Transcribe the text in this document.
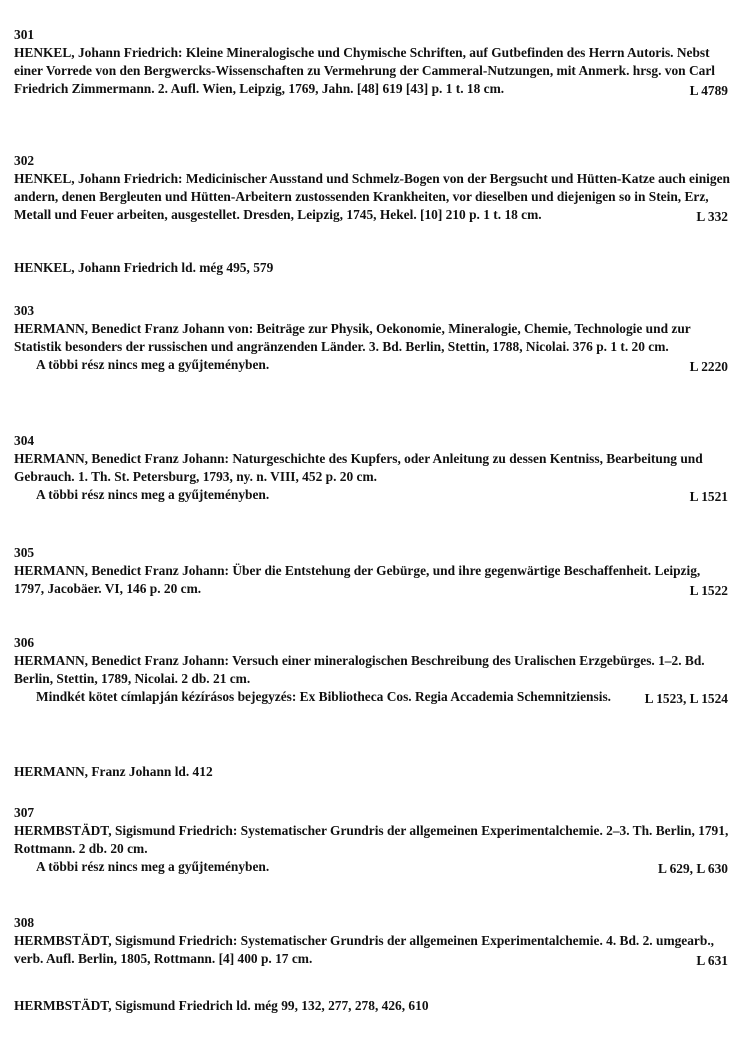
301
HENKEL, Johann Friedrich: Kleine Mineralogische und Chymische Schriften, auf Gutbefinden des Herrn Autoris. Nebst einer Vorrede von den Bergwercks-Wissenschaften zu Vermehrung der Cammeral-Nutzungen, mit Anmerk. hrsg. von Carl Friedrich Zimmermann. 2. Aufl. Wien, Leipzig, 1769, Jahn. [48] 619 [43] p. 1 t. 18 cm.	L 4789
302
HENKEL, Johann Friedrich: Medicinischer Ausstand und Schmelz-Bogen von der Bergsucht und Hütten-Katze auch einigen andern, denen Bergleuten und Hütten-Arbeitern zustossenden Krankheiten, vor dieselben und diejenigen so in Stein, Erz, Metall und Feuer arbeiten, ausgestellet. Dresden, Leipzig, 1745, Hekel. [10] 210 p. 1 t. 18 cm.	L 332
HENKEL, Johann Friedrich ld. még 495, 579
303
HERMANN, Benedict Franz Johann von: Beiträge zur Physik, Oekonomie, Mineralogie, Chemie, Technologie und zur Statistik besonders der russischen und angränzenden Länder. 3. Bd. Berlin, Stettin, 1788, Nicolai. 376 p. 1 t. 20 cm.
A többi rész nincs meg a gyűjteményben.	L 2220
304
HERMANN, Benedict Franz Johann: Naturgeschichte des Kupfers, oder Anleitung zu dessen Kentniss, Bearbeitung und Gebrauch. 1. Th. St. Petersburg, 1793, ny. n. VIII, 452 p. 20 cm.
A többi rész nincs meg a gyűjteményben.	L 1521
305
HERMANN, Benedict Franz Johann: Über die Entstehung der Gebürge, und ihre gegenwärtige Beschaffenheit. Leipzig, 1797, Jacobäer. VI, 146 p. 20 cm.	L 1522
306
HERMANN, Benedict Franz Johann: Versuch einer mineralogischen Beschreibung des Uralischen Erzgebürges. 1–2. Bd. Berlin, Stettin, 1789, Nicolai. 2 db. 21 cm.
Mindkét kötet címlapján kézírásos bejegyzés: Ex Bibliotheca Cos. Regia Accademia Schemnitziensis.	L 1523, L 1524
HERMANN, Franz Johann ld. 412
307
HERMBSTÄDT, Sigismund Friedrich: Systematischer Grundris der allgemeinen Experimentalchemie. 2–3. Th. Berlin, 1791, Rottmann. 2 db. 20 cm.
A többi rész nincs meg a gyűjteményben.	L 629, L 630
308
HERMBSTÄDT, Sigismund Friedrich: Systematischer Grundris der allgemeinen Experimentalchemie. 4. Bd. 2. umgearb., verb. Aufl. Berlin, 1805, Rottmann. [4] 400 p. 17 cm.	L 631
HERMBSTÄDT, Sigismund Friedrich ld. még 99, 132, 277, 278, 426, 610
